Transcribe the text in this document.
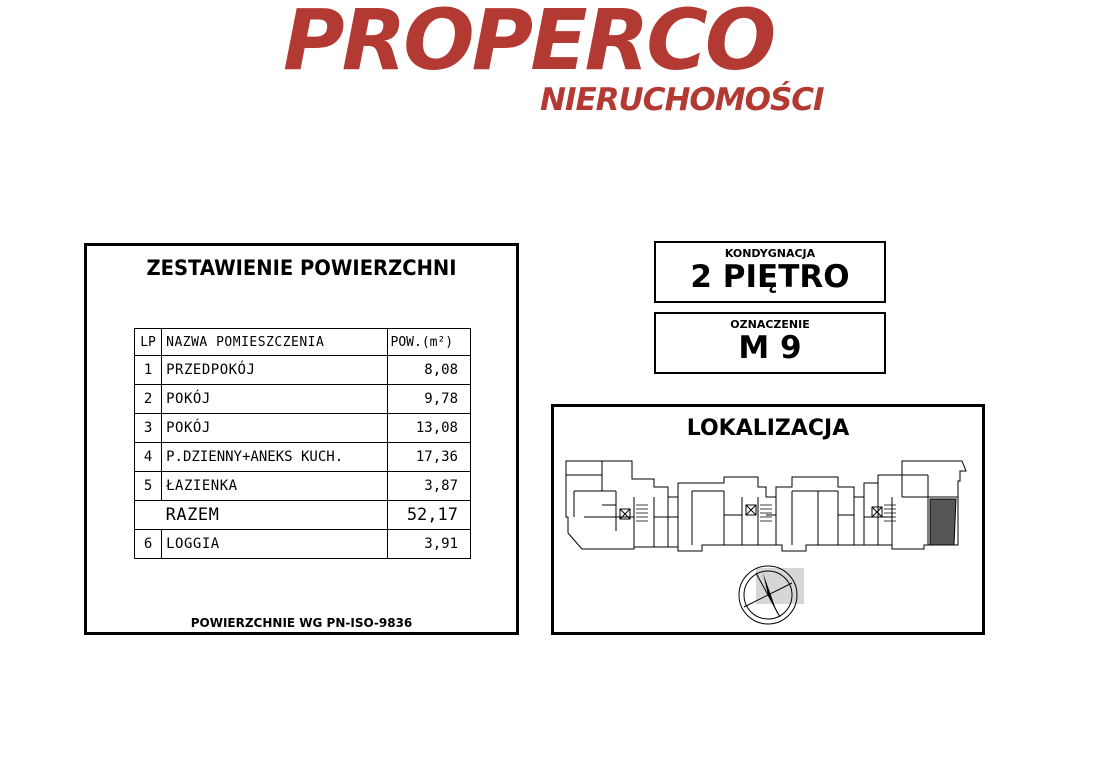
PROPERCO
NIERUCHOMOŚCI
ZESTAWIENIE POWIERZCHNI
LP	NAZWA POMIESZCZENIA	POW.(m²)
1	PRZEDPOKÓJ	8,08
2	POKÓJ	9,78
3	POKÓJ	13,08
4	P.DZIENNY+ANEKS KUCH.	17,36
5	ŁAZIENKA	3,87
	RAZEM	52,17
6	LOGGIA	3,91
POWIERZCHNIE WG PN-ISO-9836
KONDYGNACJA
2 PIĘTRO
OZNACZENIE
M 9
LOKALIZACJA
